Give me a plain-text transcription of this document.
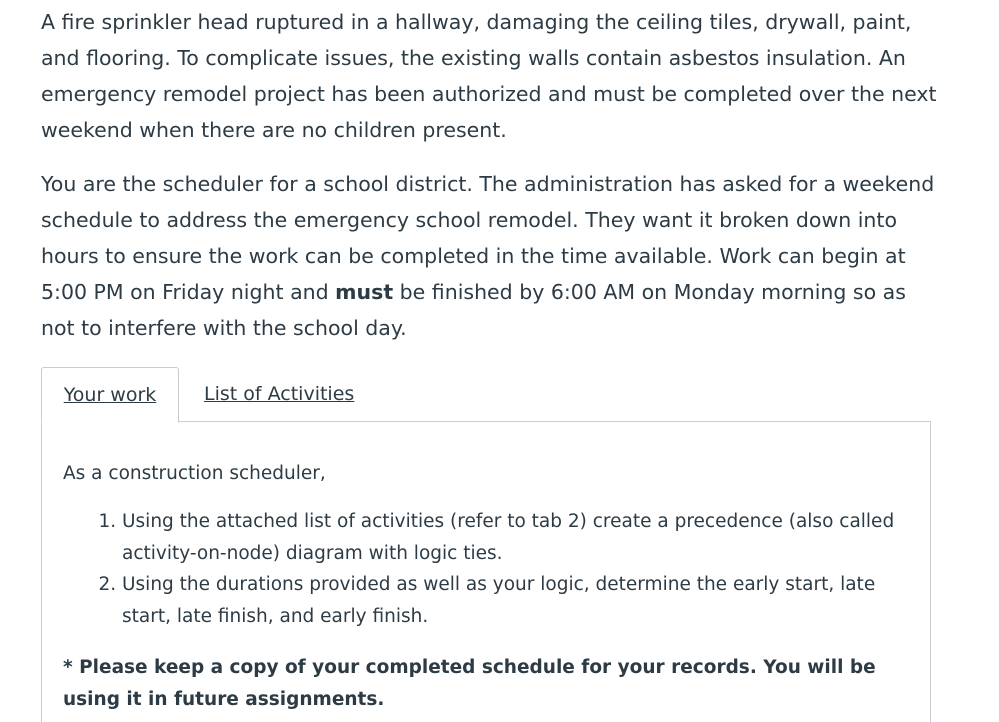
A fire sprinkler head ruptured in a hallway, damaging the ceiling tiles, drywall, paint, and flooring. To complicate issues, the existing walls contain asbestos insulation. An emergency remodel project has been authorized and must be completed over the next weekend when there are no children present.

You are the scheduler for a school district. The administration has asked for a weekend schedule to address the emergency school remodel. They want it broken down into hours to ensure the work can be completed in the time available. Work can begin at 5:00 PM on Friday night and must be finished by 6:00 AM on Monday morning so as not to interfere with the school day.

Your work	List of Activities

As a construction scheduler,

1. Using the attached list of activities (refer to tab 2) create a precedence (also called activity-on-node) diagram with logic ties.
2. Using the durations provided as well as your logic, determine the early start, late start, late finish, and early finish.

* Please keep a copy of your completed schedule for your records. You will be using it in future assignments.
